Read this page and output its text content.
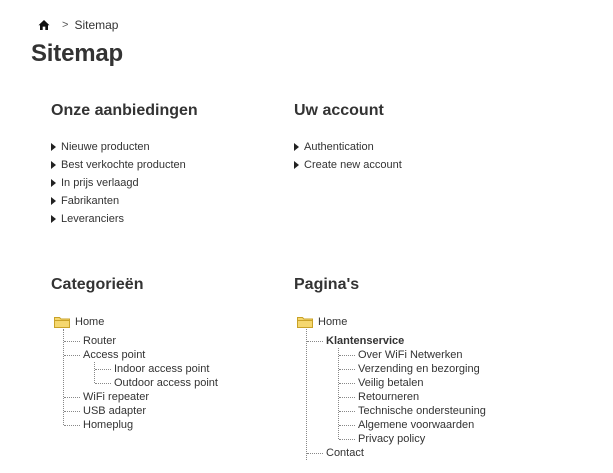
> Sitemap
Sitemap
Onze aanbiedingen
Nieuwe producten
Best verkochte producten
In prijs verlaagd
Fabrikanten
Leveranciers
Uw account
Authentication
Create new account
Categorieën
Home
Router
Access point
Indoor access point
Outdoor access point
WiFi repeater
USB adapter
Homeplug
Pagina's
Home
Klantenservice
Over WiFi Netwerken
Verzending en bezorging
Veilig betalen
Retourneren
Technische ondersteuning
Algemene voorwaarden
Privacy policy
Contact
